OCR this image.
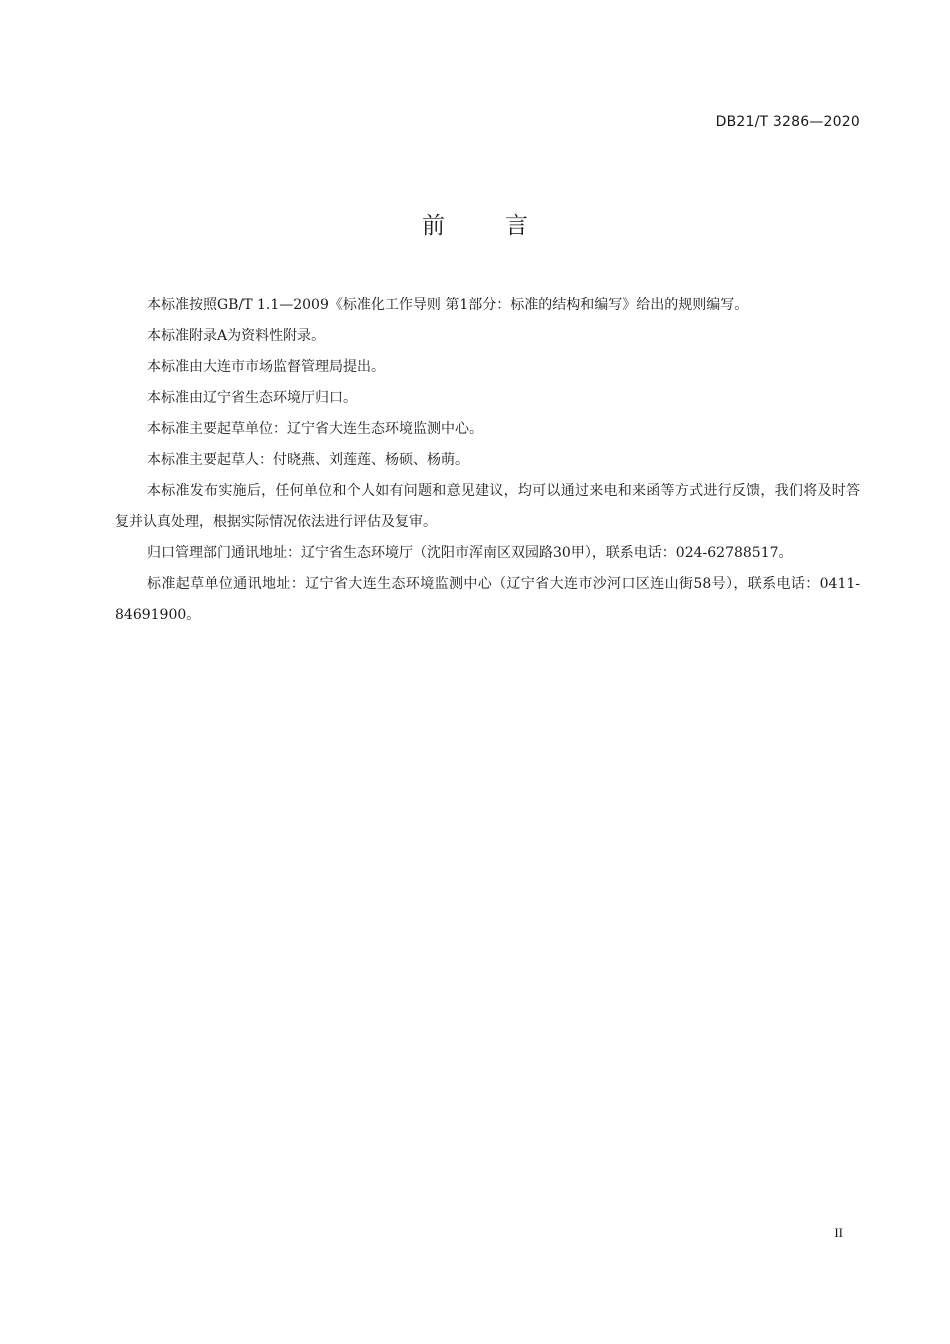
DB21/T 3286—2020
前	言

本标准按照GB/T 1.1—2009《标准化工作导则 第1部分：标准的结构和编写》给出的规则编写。

本标准附录A为资料性附录。

本标准由大连市市场监督管理局提出。

本标准由辽宁省生态环境厅归口。

本标准主要起草单位：辽宁省大连生态环境监测中心。

本标准主要起草人：付晓燕、刘莲莲、杨硕、杨萌。

本标准发布实施后，任何单位和个人如有问题和意见建议，均可以通过来电和来函等方式进行反馈，我们将及时答复并认真处理，根据实际情况依法进行评估及复审。

归口管理部门通讯地址：辽宁省生态环境厅（沈阳市浑南区双园路30甲），联系电话：024-62788517。

标准起草单位通讯地址：辽宁省大连生态环境监测中心（辽宁省大连市沙河口区连山街58号），联系电话：0411-84691900。

II
